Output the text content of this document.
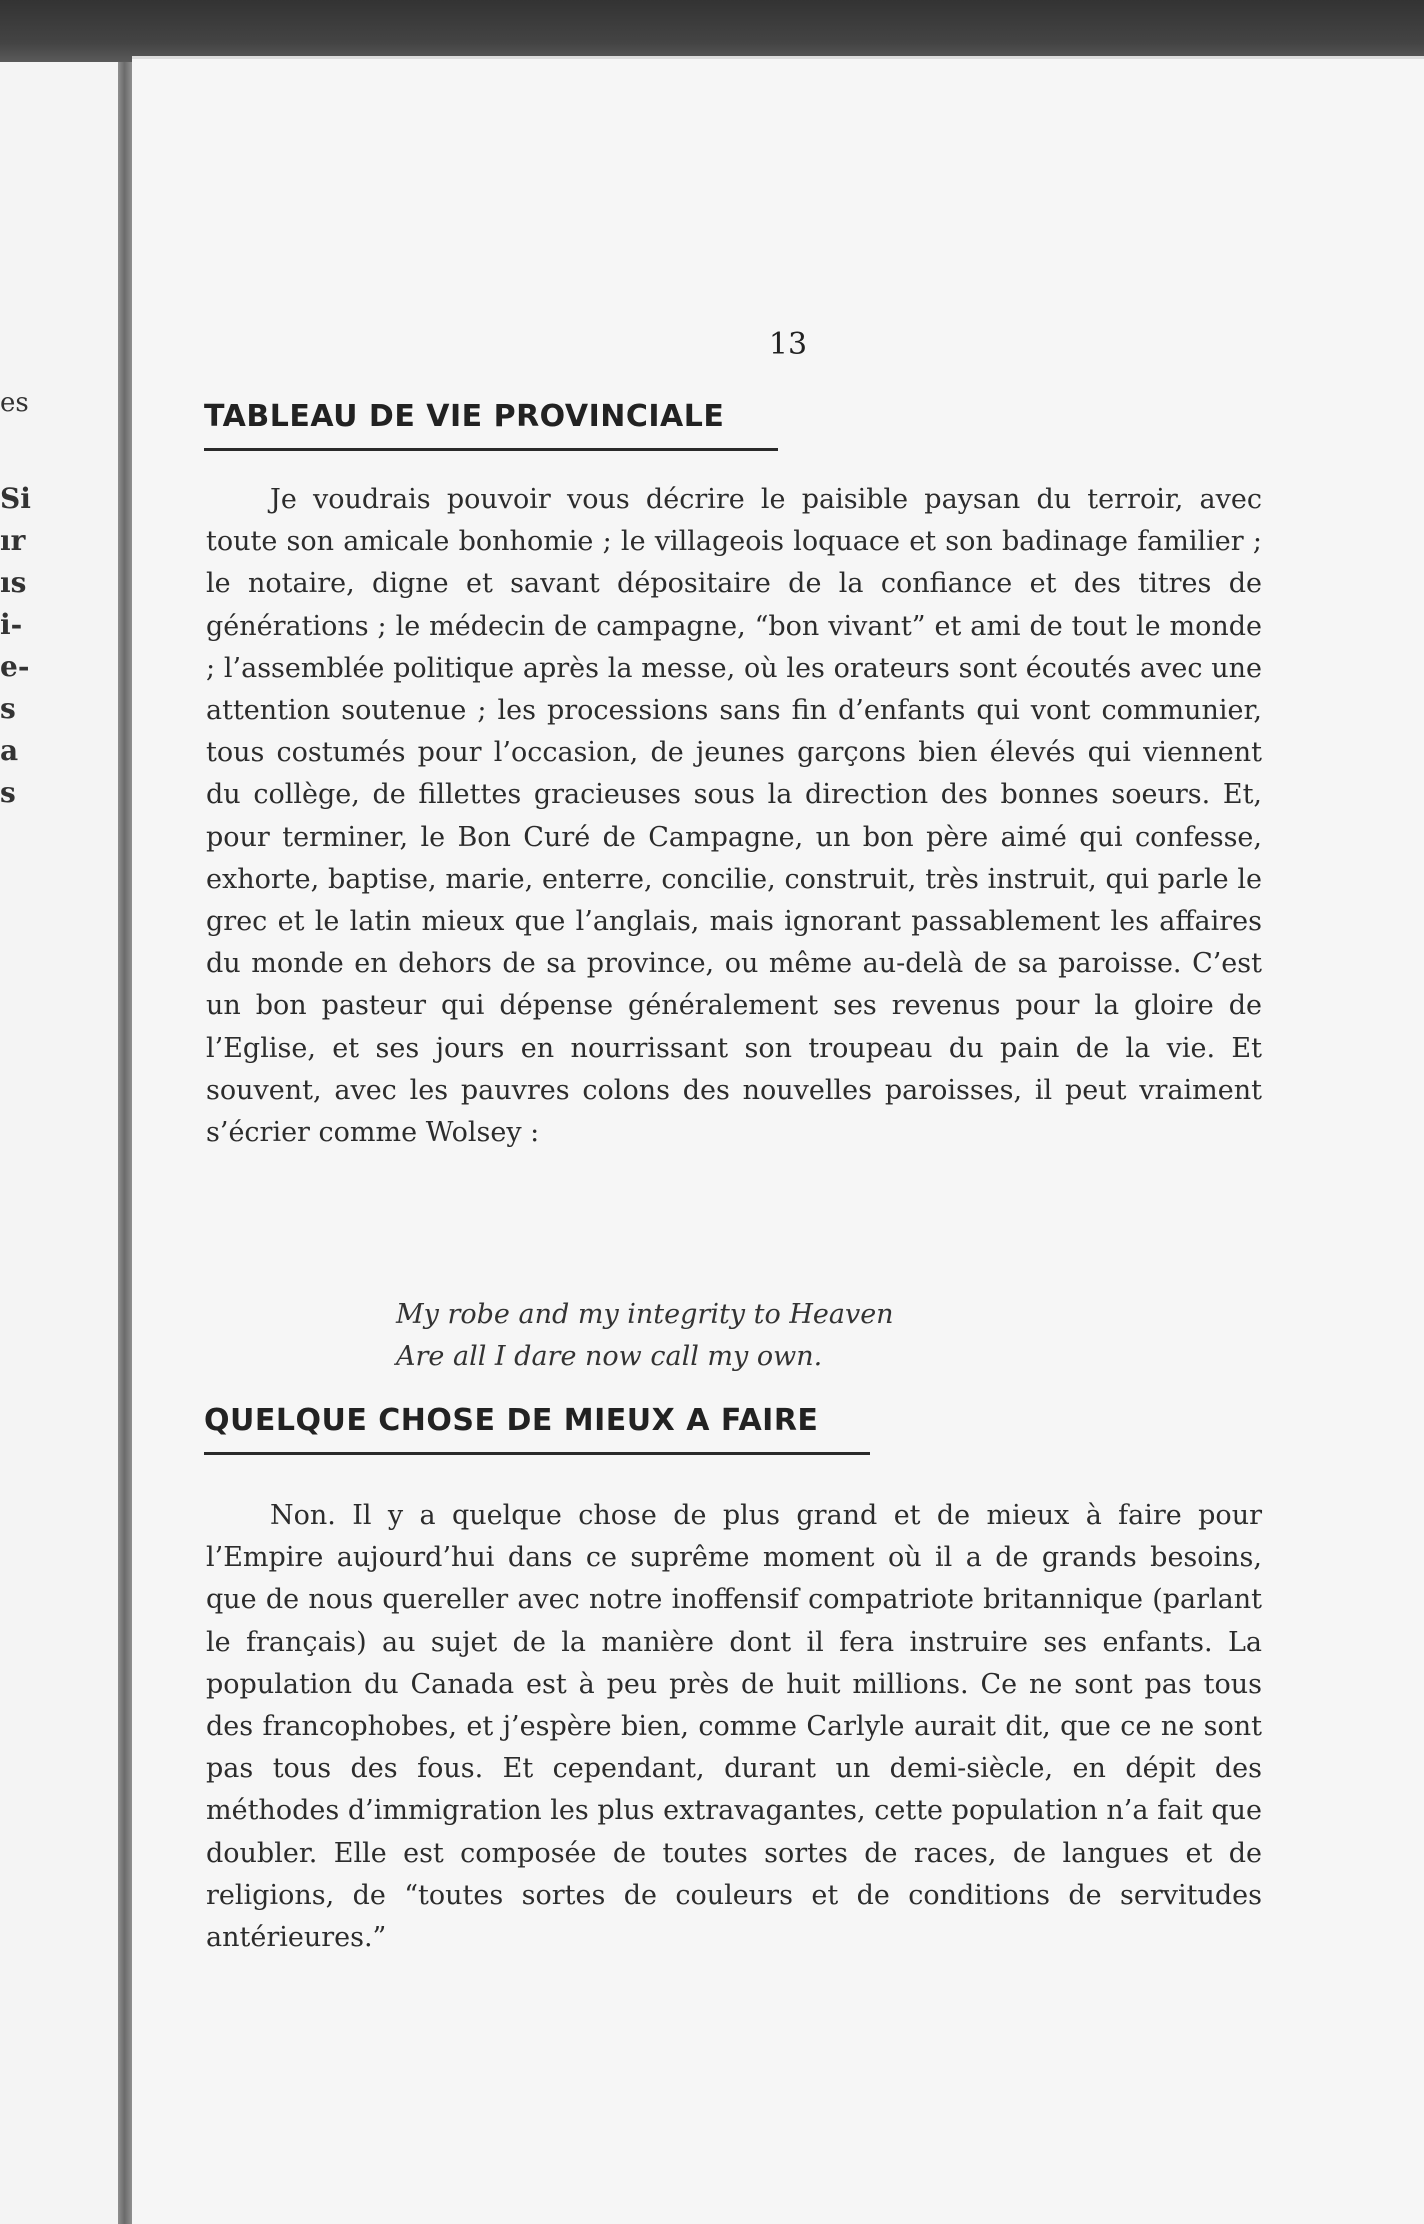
es
Si
ır
ıs
i-
e-
s
a
s
13
TABLEAU DE VIE PROVINCIALE

Je voudrais pouvoir vous décrire le paisible paysan du terroir, avec toute son amicale bonhomie ; le villageois loquace et son badinage familier ; le notaire, digne et savant dépositaire de la confiance et des titres de générations ; le médecin de campagne, “bon vivant” et ami de tout le monde ; l’assemblée politique après la messe, où les orateurs sont écoutés avec une attention soutenue ; les processions sans fin d’enfants qui vont communier, tous costumés pour l’occasion, de jeunes garçons bien élevés qui viennent du collège, de fillettes gracieuses sous la direction des bonnes soeurs. Et, pour terminer, le Bon Curé de Campagne, un bon père aimé qui confesse, exhorte, baptise, marie, enterre, concilie, construit, très instruit, qui parle le grec et le latin mieux que l’anglais, mais ignorant passablement les affaires du monde en dehors de sa province, ou même au-delà de sa paroisse. C’est un bon pasteur qui dépense généralement ses revenus pour la gloire de l’Eglise, et ses jours en nourrissant son troupeau du pain de la vie. Et souvent, avec les pauvres colons des nouvelles paroisses, il peut vraiment s’écrier comme Wolsey :

My robe and my integrity to Heaven
Are all I dare now call my own.
QUELQUE CHOSE DE MIEUX A FAIRE

Non. Il y a quelque chose de plus grand et de mieux à faire pour l’Empire aujourd’hui dans ce suprême moment où il a de grands besoins, que de nous quereller avec notre inoffensif compatriote britannique (parlant le français) au sujet de la manière dont il fera instruire ses enfants. La population du Canada est à peu près de huit millions. Ce ne sont pas tous des francophobes, et j’espère bien, comme Carlyle aurait dit, que ce ne sont pas tous des fous. Et cependant, durant un demi-siècle, en dépit des méthodes d’immigration les plus extravagantes, cette population n’a fait que doubler. Elle est composée de toutes sortes de races, de langues et de religions, de “toutes sortes de couleurs et de conditions de servitudes antérieures.”
